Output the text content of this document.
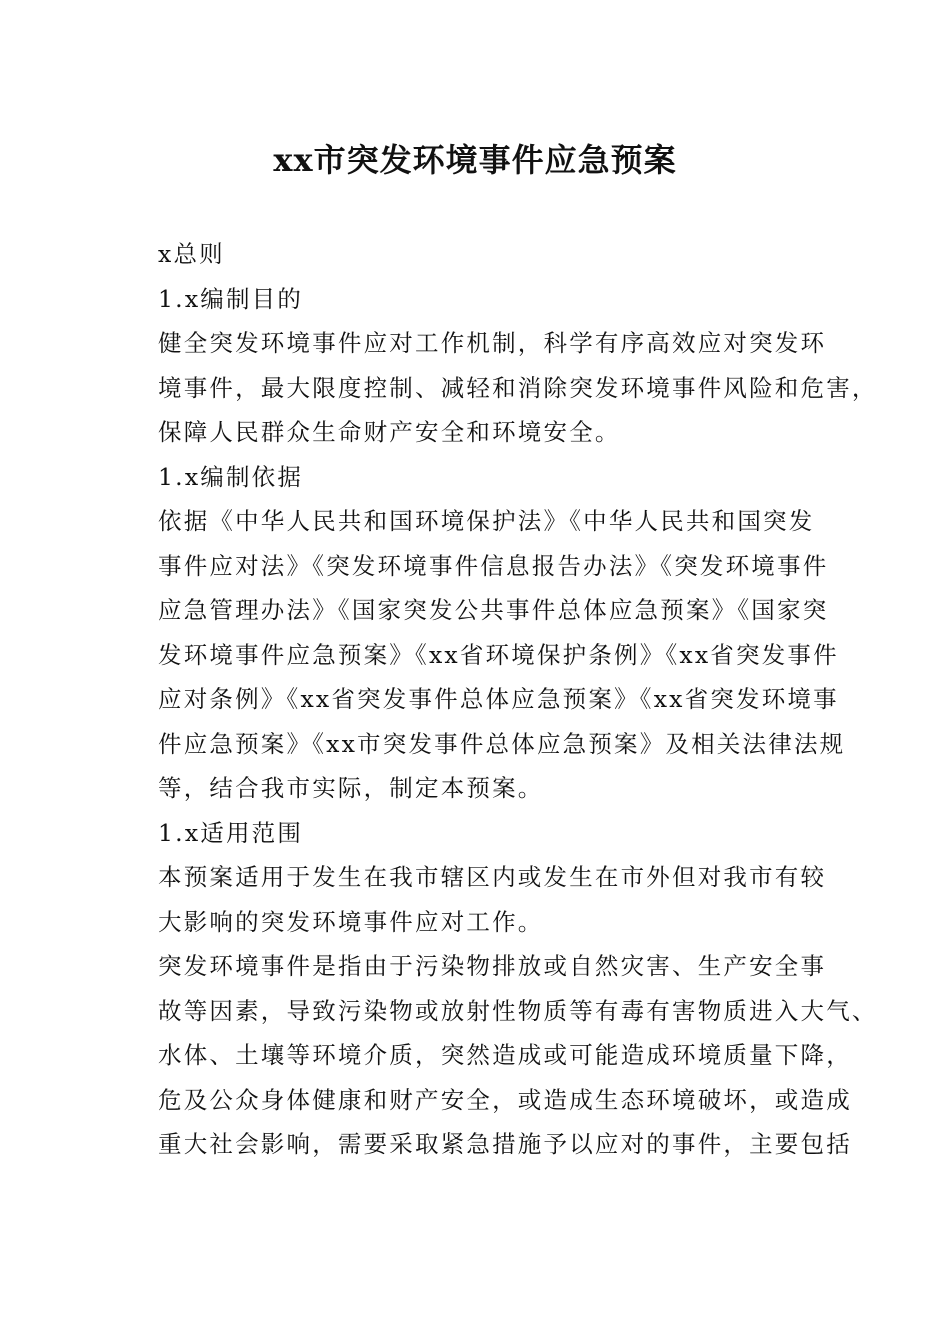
xx市突发环境事件应急预案

x总则

1.x编制目的

健全突发环境事件应对工作机制，科学有序高效应对突发环
境事件，最大限度控制、减轻和消除突发环境事件风险和危害，
保障人民群众生命财产安全和环境安全。

1.x编制依据

依据《中华人民共和国环境保护法》《中华人民共和国突发
事件应对法》《突发环境事件信息报告办法》《突发环境事件
应急管理办法》《国家突发公共事件总体应急预案》《国家突
发环境事件应急预案》《xx省环境保护条例》《xx省突发事件
应对条例》《xx省突发事件总体应急预案》《xx省突发环境事
件应急预案》《xx市突发事件总体应急预案》及相关法律法规
等，结合我市实际，制定本预案。

1.x适用范围

本预案适用于发生在我市辖区内或发生在市外但对我市有较
大影响的突发环境事件应对工作。

突发环境事件是指由于污染物排放或自然灾害、生产安全事
故等因素，导致污染物或放射性物质等有毒有害物质进入大气、
水体、土壤等环境介质，突然造成或可能造成环境质量下降，
危及公众身体健康和财产安全，或造成生态环境破坏，或造成
重大社会影响，需要采取紧急措施予以应对的事件，主要包括
